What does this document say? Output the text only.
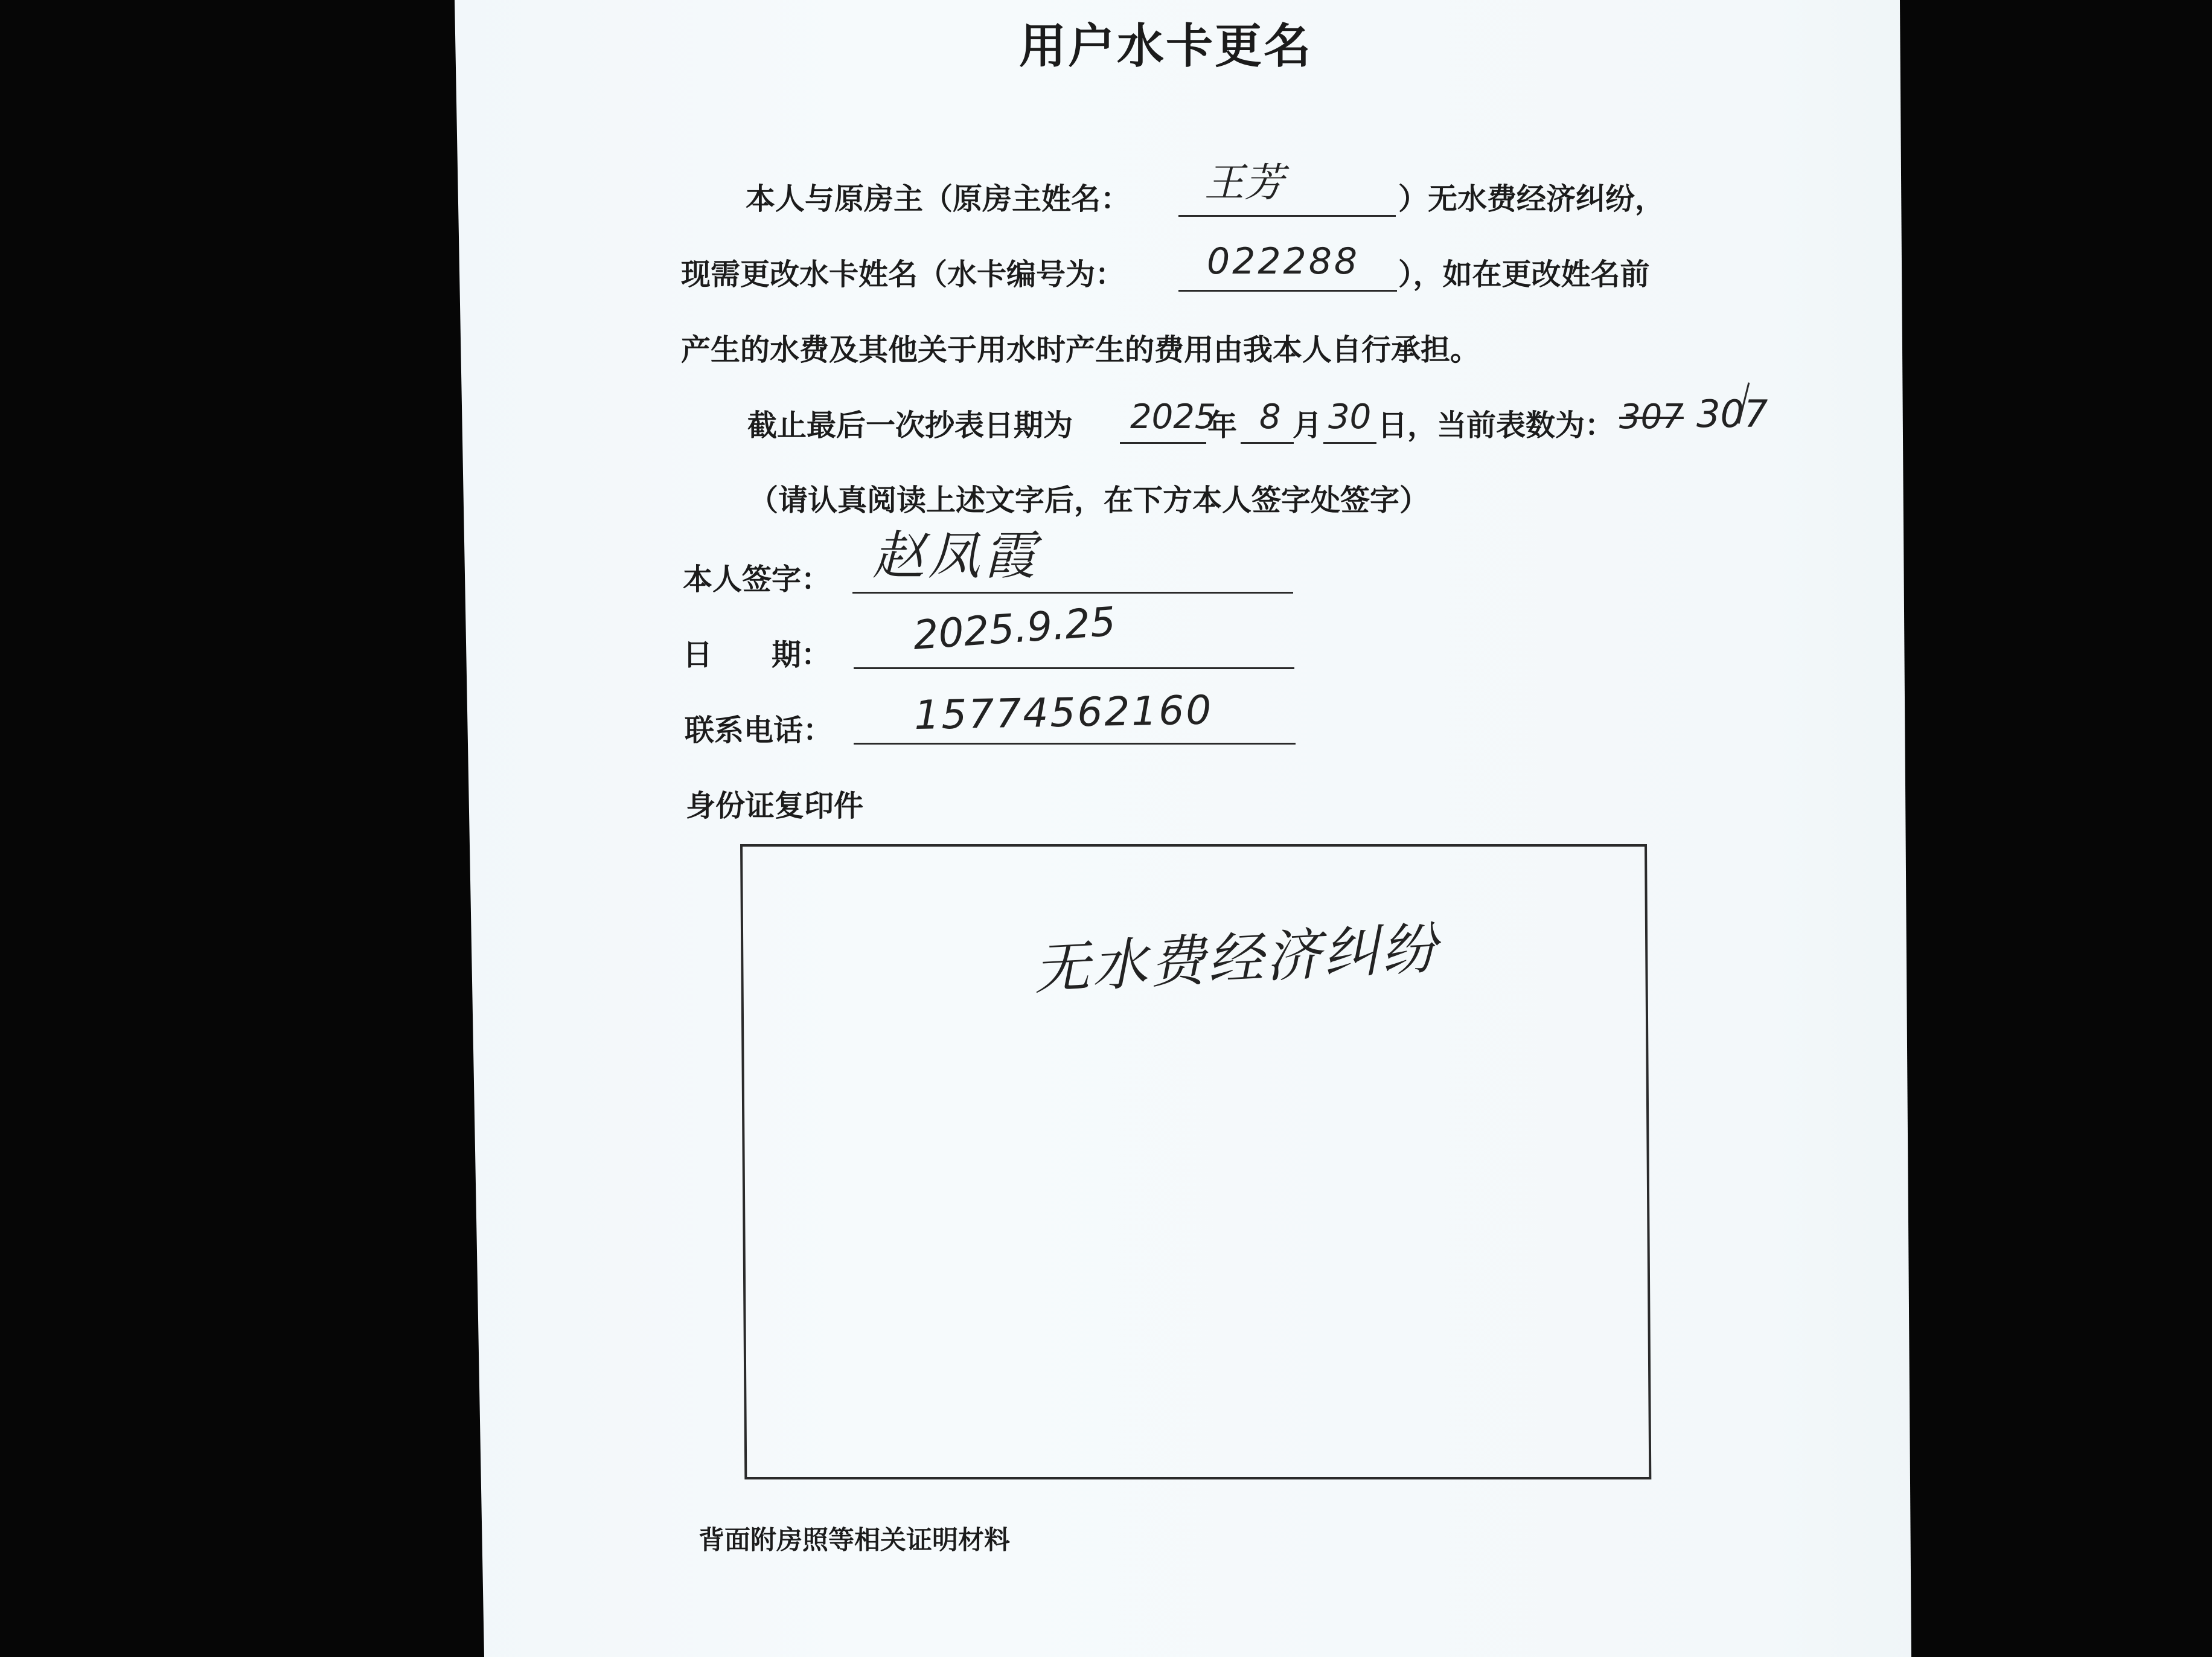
用户水卡更名
本人与原房主（原房主姓名： 王芳	）无水费经济纠纷，
现需更改水卡姓名（水卡编号为： 022288 ），如在更改姓名前
产生的水费及其他关于用水时产生的费用由我本人自行承担。
截止最后一次抄表日期为 2025
年 8 月 30 日，当前表数为： 307 307
（请认真阅读上述文字后，在下方本人签字处签字）
本人签字： 赵凤霞
日　　期： 2025.9.25
联系电话： 15774562160
身份证复印件
无水费经济纠纷
背面附房照等相关证明材料
